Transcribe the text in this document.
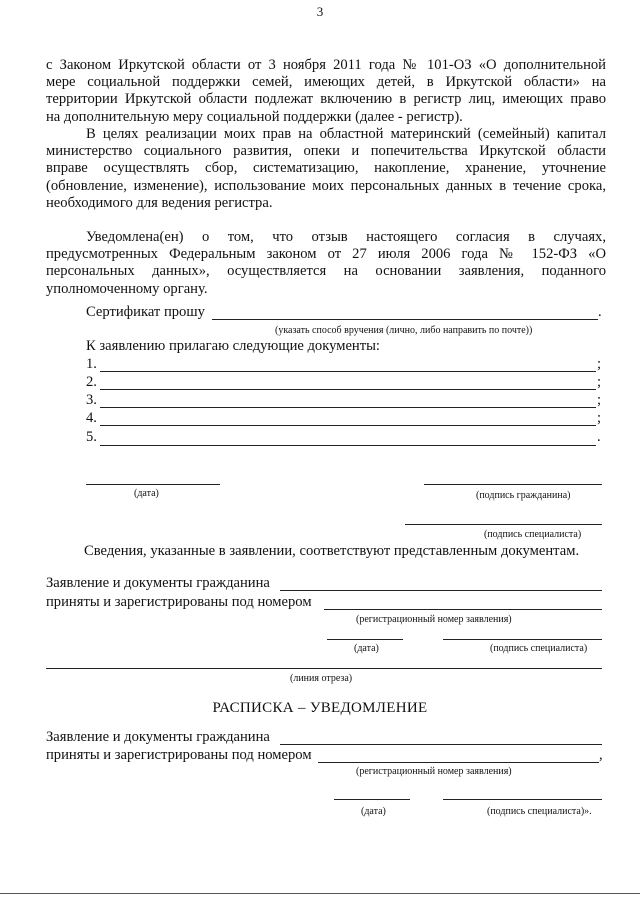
3
с Законом Иркутской области от 3 ноября 2011 года № 101-ОЗ «О дополнительной
мере социальной поддержки семей, имеющих детей, в Иркутской области» на
территории Иркутской области подлежат включению в регистр лиц, имеющих право
на дополнительную меру социальной поддержки (далее - регистр).
В целях реализации моих прав на областной материнский (семейный) капитал
министерство социального развития, опеки и попечительства Иркутской области
вправе осуществлять сбор, систематизацию, накопление, хранение, уточнение
(обновление, изменение), использование моих персональных данных в течение срока,
необходимого для ведения регистра.
Уведомлена(ен) о том, что отзыв настоящего согласия в случаях,
предусмотренных Федеральным законом от 27 июля 2006 года № 152-ФЗ «О
персональных данных», осуществляется на основании заявления, поданного
уполномоченному органу.
Сертификат прошу	.
(указать способ вручения (лично, либо направить по почте))
К заявлению прилагаю следующие документы:
1.	;
2.	;
3.	;
4.	;
5.	.
(дата)	(подпись гражданина)
(подпись специалиста)
Сведения, указанные в заявлении, соответствуют представленным документам.
Заявление и документы гражданина
приняты и зарегистрированы под номером
(регистрационный номер заявления)
(дата)	(подпись специалиста)
(линия отреза)
РАСПИСКА – УВЕДОМЛЕНИЕ
Заявление и документы гражданина
приняты и зарегистрированы под номером	,
(регистрационный номер заявления)
(дата)	(подпись специалиста)».
